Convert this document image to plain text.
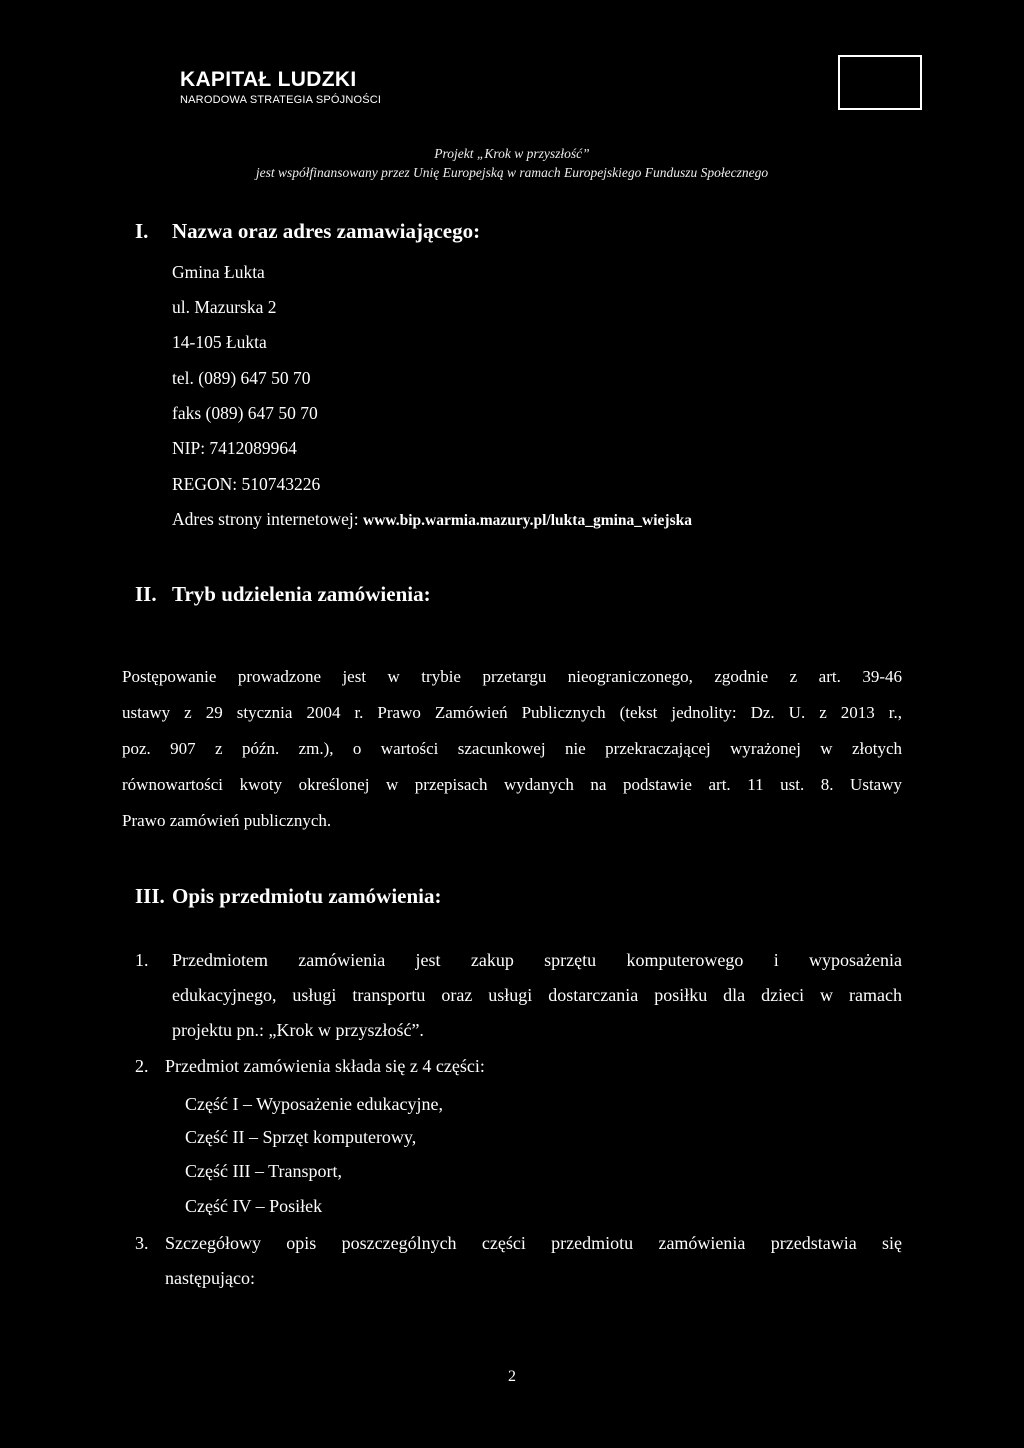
KAPITAŁ LUDZKI
NARODOWA STRATEGIA SPÓJNOŚCI
Projekt „Krok w przyszłość”
jest współfinansowany przez Unię Europejską w ramach Europejskiego Funduszu Społecznego
I. Nazwa oraz adres zamawiającego:
Gmina Łukta
ul. Mazurska 2
14-105 Łukta
tel. (089) 647 50 70
faks (089) 647 50 70
NIP: 7412089964
REGON: 510743226
Adres strony internetowej: www.bip.warmia.mazury.pl/lukta_gmina_wiejska
II. Tryb udzielenia zamówienia:
Postępowanie prowadzone jest w trybie przetargu nieograniczonego, zgodnie z art. 39-46
ustawy z 29 stycznia 2004 r. Prawo Zamówień Publicznych (tekst jednolity: Dz. U. z 2013 r.,
poz. 907 z późn. zm.), o wartości szacunkowej nie przekraczającej wyrażonej w złotych
równowartości kwoty określonej w przepisach wydanych na podstawie art. 11 ust. 8. Ustawy
Prawo zamówień publicznych.
III. Opis przedmiotu zamówienia:
1. Przedmiotem zamówienia jest zakup sprzętu komputerowego i wyposażenia
edukacyjnego, usługi transportu oraz usługi dostarczania posiłku dla dzieci w ramach
projektu pn.: „Krok w przyszłość”.
2. Przedmiot zamówienia składa się z 4 części:
Część I – Wyposażenie edukacyjne,
Część II – Sprzęt komputerowy,
Część III – Transport,
Część IV – Posiłek
3. Szczegółowy opis poszczególnych części przedmiotu zamówienia przedstawia się
następująco:
2
